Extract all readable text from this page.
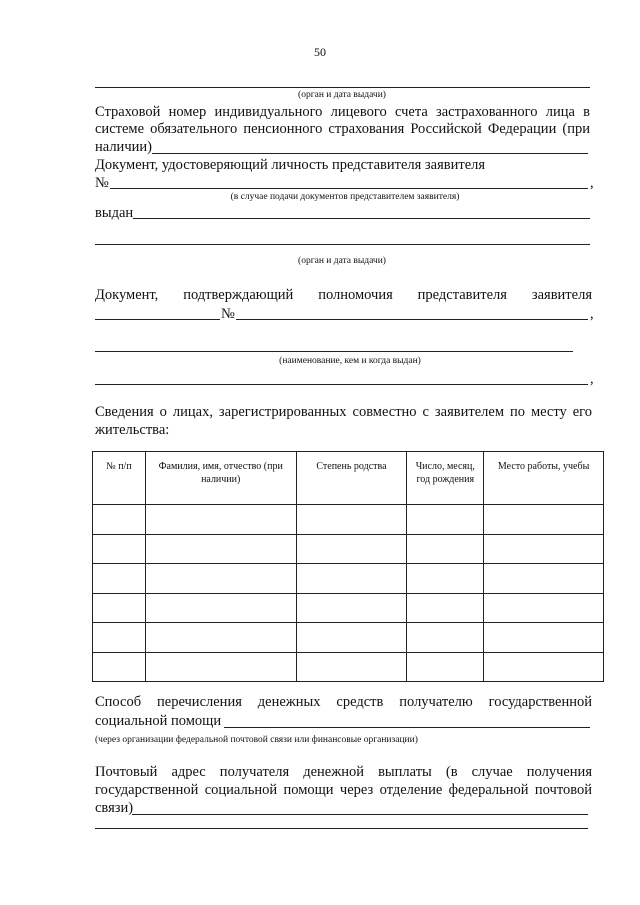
50
(орган и дата выдачи)
Страховой номер индивидуального лицевого счета застрахованного лица в
системе обязательного пенсионного страхования Российской Федерации (при
наличии)
Документ, удостоверяющий личность представителя заявителя
№	,
(в случае подачи документов представителем заявителя)
выдан
(орган и дата выдачи)
Документ, подтверждающий полномочия представителя заявителя
№	,
(наименование, кем и когда выдан)
,
Сведения о лицах, зарегистрированных совместно с заявителем по месту его
жительства:
№ п/п	Фамилия, имя, отчество (при наличии)	Степень родства	Число, месяц, год рождения	Место работы, учебы

Способ перечисления денежных средств получателю государственной
социальной помощи
(через организации федеральной почтовой связи или финансовые организации)
Почтовый адрес получателя денежной выплаты (в случае получения
государственной социальной помощи через отделение федеральной почтовой
связи)
